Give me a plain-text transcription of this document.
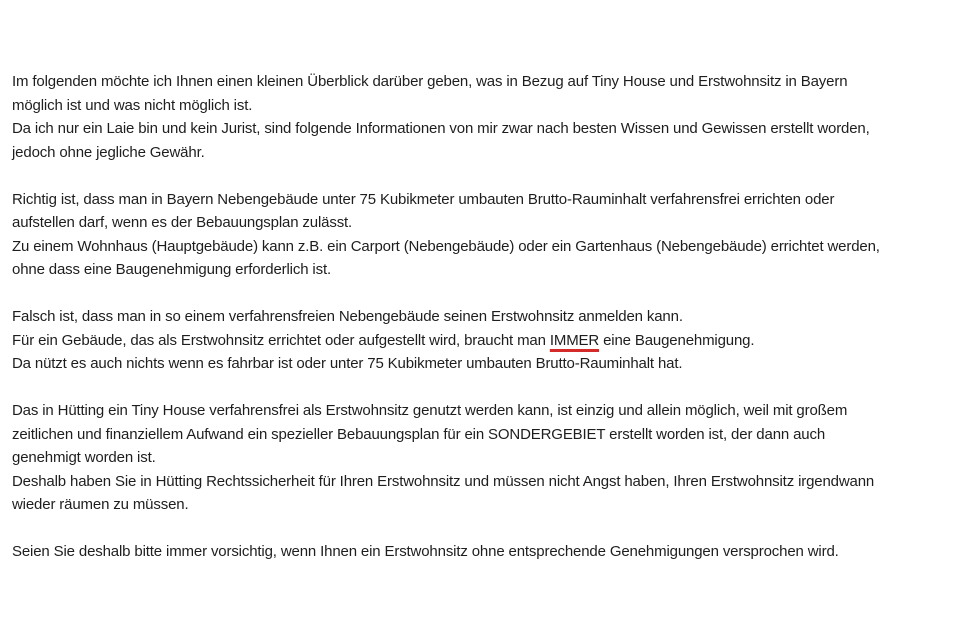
Im folgenden möchte ich Ihnen einen kleinen Überblick darüber geben, was in Bezug auf Tiny House und Erstwohnsitz in Bayern
möglich ist und was nicht möglich ist.
Da ich nur ein Laie bin und kein Jurist, sind folgende Informationen von mir zwar nach besten Wissen und Gewissen erstellt worden,
jedoch ohne jegliche Gewähr.
Richtig ist, dass man in Bayern Nebengebäude unter 75 Kubikmeter umbauten Brutto-Rauminhalt verfahrensfrei errichten oder
aufstellen darf, wenn es der Bebauungsplan zulässt.
Zu einem Wohnhaus (Hauptgebäude) kann z.B. ein Carport (Nebengebäude) oder ein Gartenhaus (Nebengebäude) errichtet werden,
ohne dass eine Baugenehmigung erforderlich ist.
Falsch ist, dass man in so einem verfahrensfreien Nebengebäude seinen Erstwohnsitz anmelden kann.
Für ein Gebäude, das als Erstwohnsitz errichtet oder aufgestellt wird, braucht man IMMER eine Baugenehmigung.
Da nützt es auch nichts wenn es fahrbar ist oder unter 75 Kubikmeter umbauten Brutto-Rauminhalt hat.
Das in Hütting ein Tiny House verfahrensfrei als Erstwohnsitz genutzt werden kann, ist einzig und allein möglich, weil mit großem
zeitlichen und finanziellem Aufwand ein spezieller Bebauungsplan für ein SONDERGEBIET erstellt worden ist, der dann auch
genehmigt worden ist.
Deshalb haben Sie in Hütting Rechtssicherheit für Ihren Erstwohnsitz und müssen nicht Angst haben, Ihren Erstwohnsitz irgendwann
wieder räumen zu müssen.
Seien Sie deshalb bitte immer vorsichtig, wenn Ihnen ein Erstwohnsitz ohne entsprechende Genehmigungen versprochen wird.
